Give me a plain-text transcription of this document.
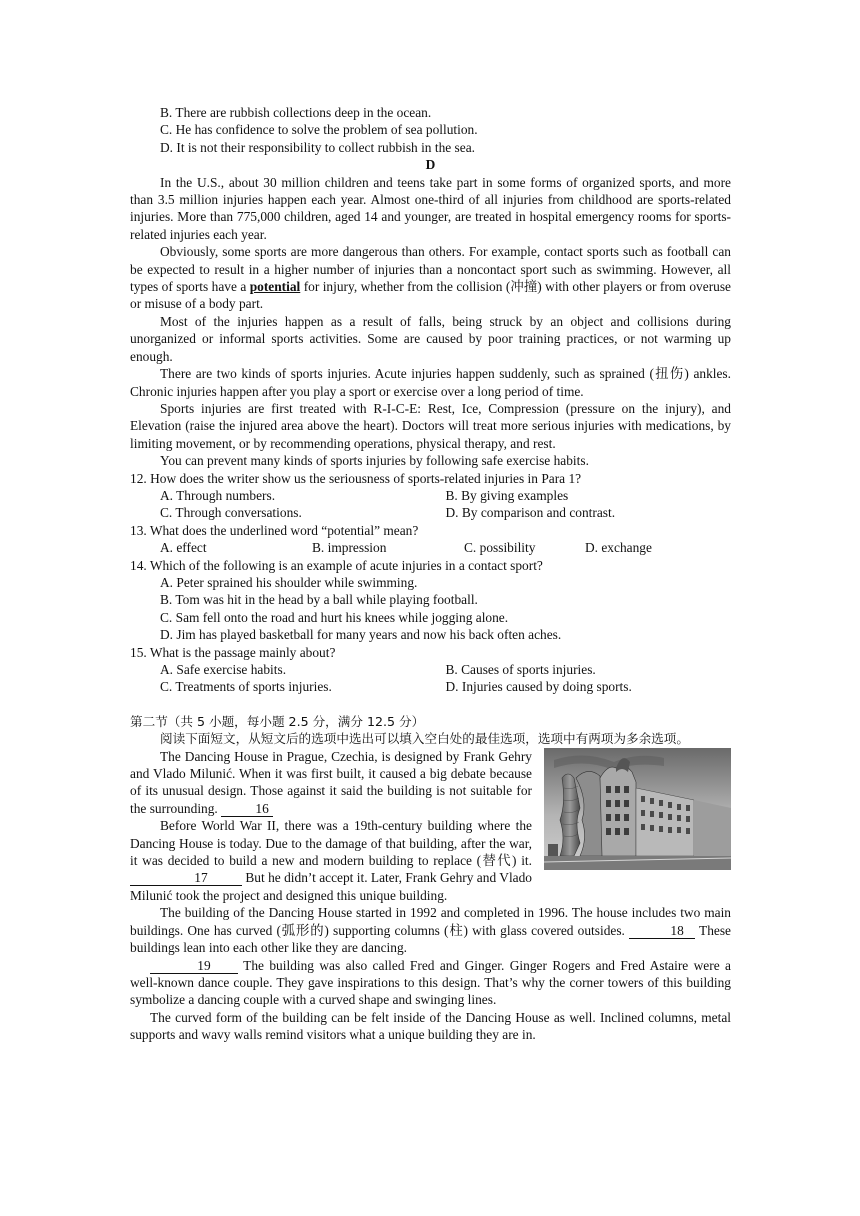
B. There are rubbish collections deep in the ocean.
C. He has confidence to solve the problem of sea pollution.
D. It is not their responsibility to collect rubbish in the sea.
D
In the U.S., about 30 million children and teens take part in some forms of organized sports, and more than 3.5 million injuries happen each year. Almost one-third of all injuries from childhood are sports-related injuries. More than 775,000 children, aged 14 and younger, are treated in hospital emergency rooms for sports-related injuries each year.
Obviously, some sports are more dangerous than others. For example, contact sports such as football can be expected to result in a higher number of injuries than a noncontact sport such as swimming. However, all types of sports have a potential for injury, whether from the collision (冲撞) with other players or from overuse or misuse of a body part.
Most of the injuries happen as a result of falls, being struck by an object and collisions during unorganized or informal sports activities. Some are caused by poor training practices, or not warming up enough.
There are two kinds of sports injuries. Acute injuries happen suddenly, such as sprained (扭伤) ankles. Chronic injuries happen after you play a sport or exercise over a long period of time.
Sports injuries are first treated with R-I-C-E: Rest, Ice, Compression (pressure on the injury), and Elevation (raise the injured area above the heart). Doctors will treat more serious injuries with medications, by limiting movement, or by recommending operations, physical therapy, and rest.
You can prevent many kinds of sports injuries by following safe exercise habits.
12. How does the writer show us the seriousness of sports-related injuries in Para 1?
A. Through numbers.	B. By giving examples
C. Through conversations.	D. By comparison and contrast.
13. What does the underlined word “potential” mean?
A. effect	B. impression	C. possibility	D. exchange
14. Which of the following is an example of acute injuries in a contact sport?
A. Peter sprained his shoulder while swimming.
B. Tom was hit in the head by a ball while playing football.
C. Sam fell onto the road and hurt his knees while jogging alone.
D. Jim has played basketball for many years and now his back often aches.
15. What is the passage mainly about?
A. Safe exercise habits.	B. Causes of sports injuries.
C. Treatments of sports injuries.	D. Injuries caused by doing sports.
第二节（共 5 小题，每小题 2.5 分，满分 12.5 分）
阅读下面短文，从短文后的选项中选出可以填入空白处的最佳选项，选项中有两项为多余选项。
The Dancing House in Prague, Czechia, is designed by Frank Gehry and Vlado Milunić. When it was first built, it caused a big debate because of its unusual design. Those against it said the building is not suitable for the surrounding.	16
Before World War II, there was a 19th-century building where the Dancing House is today. Due to the damage of that building, after the war, it was decided to build a new and modern building to replace (替代) it. 17	But he didn’t accept it. Later, Frank Gehry and Vlado Milunić took the project and designed this unique building.
The building of the Dancing House started in 1992 and completed in 1996. The house includes two main buildings. One has curved (弧形的) supporting columns (柱) with glass covered outsides.	18 These buildings lean into each other like they are dancing.
19 The building was also called Fred and Ginger. Ginger Rogers and Fred Astaire were a well-known dance couple. They gave inspirations to this design. That’s why the corner towers of this building symbolize a dancing couple with a curved shape and swinging lines.
The curved form of the building can be felt inside of the Dancing House as well. Inclined columns, metal supports and wavy walls remind visitors what a unique building they are in.
